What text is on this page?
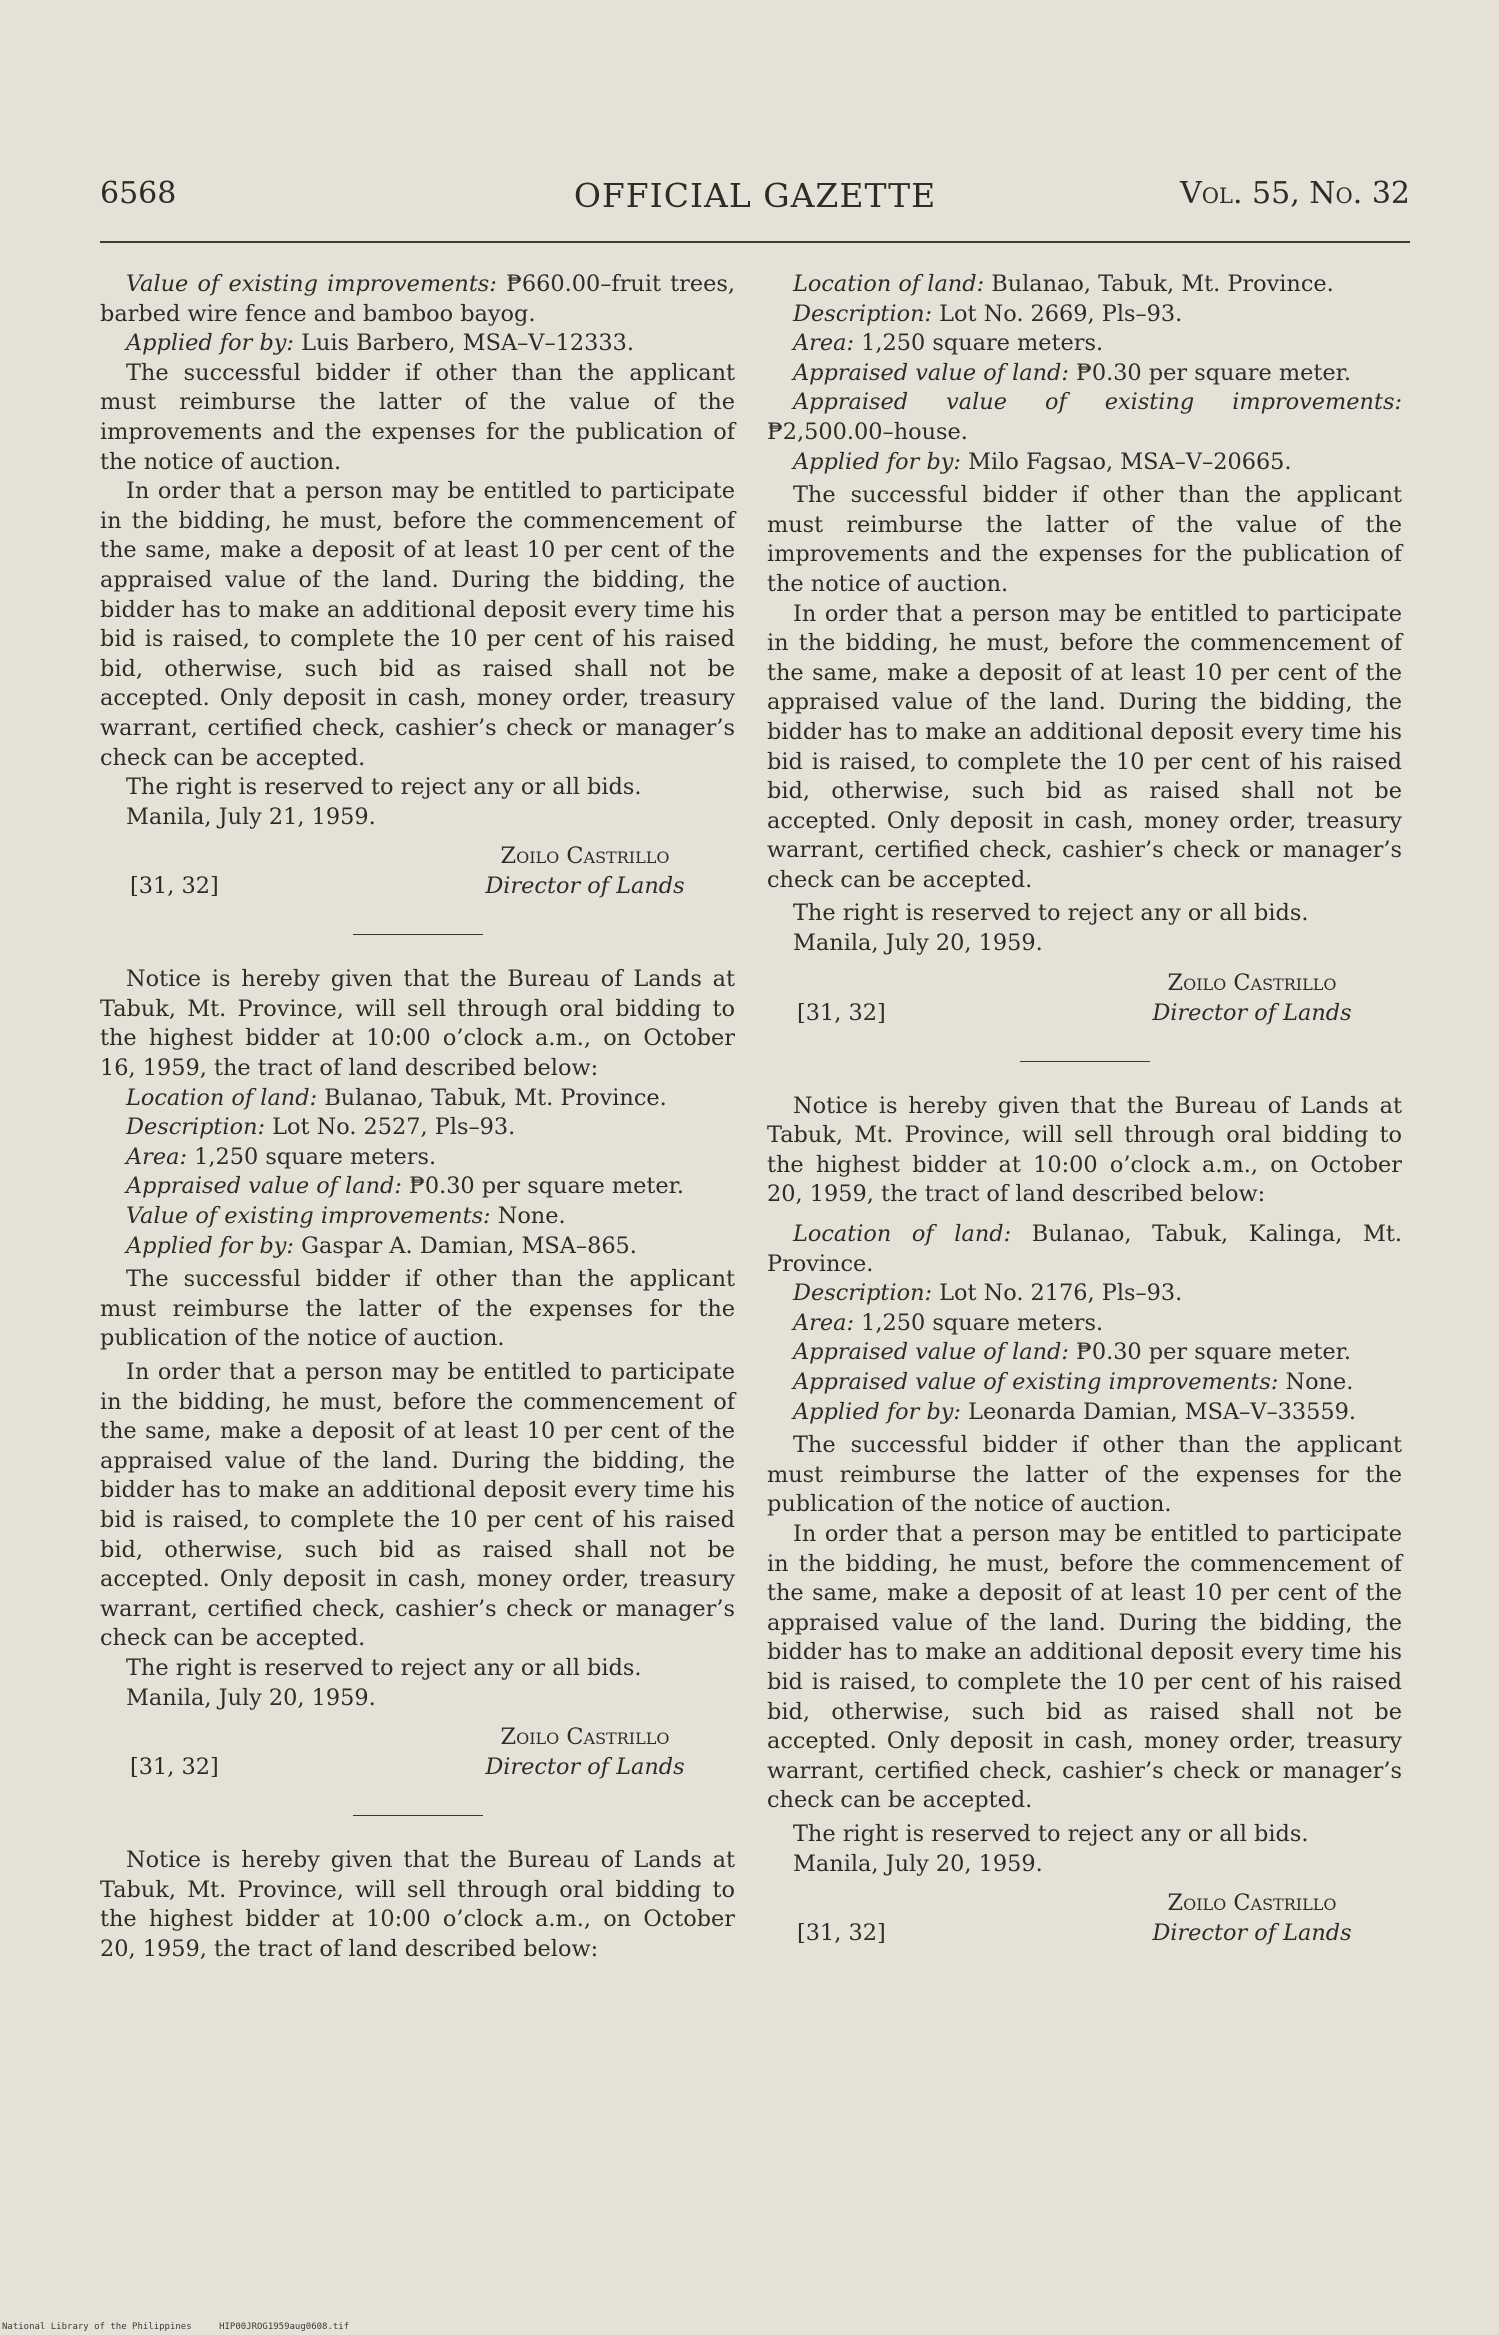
6568	OFFICIAL GAZETTE	Vol. 55, No. 32

Value of existing improvements: ₱660.00–fruit trees, barbed wire fence and bamboo bayog.

Applied for by: Luis Barbero, MSA–V–12333.

The successful bidder if other than the applicant must reimburse the latter of the value of the improvements and the expenses for the publication of the notice of auction.

In order that a person may be entitled to participate in the bidding, he must, before the commencement of the same, make a deposit of at least 10 per cent of the appraised value of the land. During the bidding, the bidder has to make an additional deposit every time his bid is raised, to complete the 10 per cent of his raised bid, otherwise, such bid as raised shall not be accepted. Only deposit in cash, money order, treasury warrant, certified check, cashier’s check or manager’s check can be accepted.

The right is reserved to reject any or all bids.

Manila, July 21, 1959.

Zoilo Castrillo
Director of Lands
[31, 32]

Notice is hereby given that the Bureau of Lands at Tabuk, Mt. Province, will sell through oral bidding to the highest bidder at 10:00 o’clock a.m., on October 16, 1959, the tract of land described below:

Location of land: Bulanao, Tabuk, Mt. Province.

Description: Lot No. 2527, Pls–93.

Area: 1,250 square meters.

Appraised value of land: ₱0.30 per square meter.

Value of existing improvements: None.

Applied for by: Gaspar A. Damian, MSA–865.

The successful bidder if other than the applicant must reimburse the latter of the expenses for the publication of the notice of auction.

In order that a person may be entitled to participate in the bidding, he must, before the commencement of the same, make a deposit of at least 10 per cent of the appraised value of the land. During the bidding, the bidder has to make an additional deposit every time his bid is raised, to complete the 10 per cent of his raised bid, otherwise, such bid as raised shall not be accepted. Only deposit in cash, money order, treasury warrant, certified check, cashier’s check or manager’s check can be accepted.

The right is reserved to reject any or all bids.

Manila, July 20, 1959.

Zoilo Castrillo
Director of Lands
[31, 32]

Notice is hereby given that the Bureau of Lands at Tabuk, Mt. Province, will sell through oral bidding to the highest bidder at 10:00 o’clock a.m., on October 20, 1959, the tract of land described below:

Location of land: Bulanao, Tabuk, Mt. Province.

Description: Lot No. 2669, Pls–93.

Area: 1,250 square meters.

Appraised value of land: ₱0.30 per square meter.

Appraised value of existing improvements: ₱2,500.00–house.

Applied for by: Milo Fagsao, MSA–V–20665.

The successful bidder if other than the applicant must reimburse the latter of the value of the improvements and the expenses for the publication of the notice of auction.

In order that a person may be entitled to participate in the bidding, he must, before the commencement of the same, make a deposit of at least 10 per cent of the appraised value of the land. During the bidding, the bidder has to make an additional deposit every time his bid is raised, to complete the 10 per cent of his raised bid, otherwise, such bid as raised shall not be accepted. Only deposit in cash, money order, treasury warrant, certified check, cashier’s check or manager’s check can be accepted.

The right is reserved to reject any or all bids.

Manila, July 20, 1959.

Zoilo Castrillo
Director of Lands
[31, 32]

Notice is hereby given that the Bureau of Lands at Tabuk, Mt. Province, will sell through oral bidding to the highest bidder at 10:00 o’clock a.m., on October 20, 1959, the tract of land described below:

Location of land: Bulanao, Tabuk, Kalinga, Mt. Province.

Description: Lot No. 2176, Pls–93.

Area: 1,250 square meters.

Appraised value of land: ₱0.30 per square meter.

Appraised value of existing improvements: None.

Applied for by: Leonarda Damian, MSA–V–33559.

The successful bidder if other than the applicant must reimburse the latter of the expenses for the publication of the notice of auction.

In order that a person may be entitled to participate in the bidding, he must, before the commencement of the same, make a deposit of at least 10 per cent of the appraised value of the land. During the bidding, the bidder has to make an additional deposit every time his bid is raised, to complete the 10 per cent of his raised bid, otherwise, such bid as raised shall not be accepted. Only deposit in cash, money order, treasury warrant, certified check, cashier’s check or manager’s check can be accepted.

The right is reserved to reject any or all bids.

Manila, July 20, 1959.

Zoilo Castrillo
Director of Lands
[31, 32]
National Library of the Philippines	HIP00JROG1959aug0608.tif
